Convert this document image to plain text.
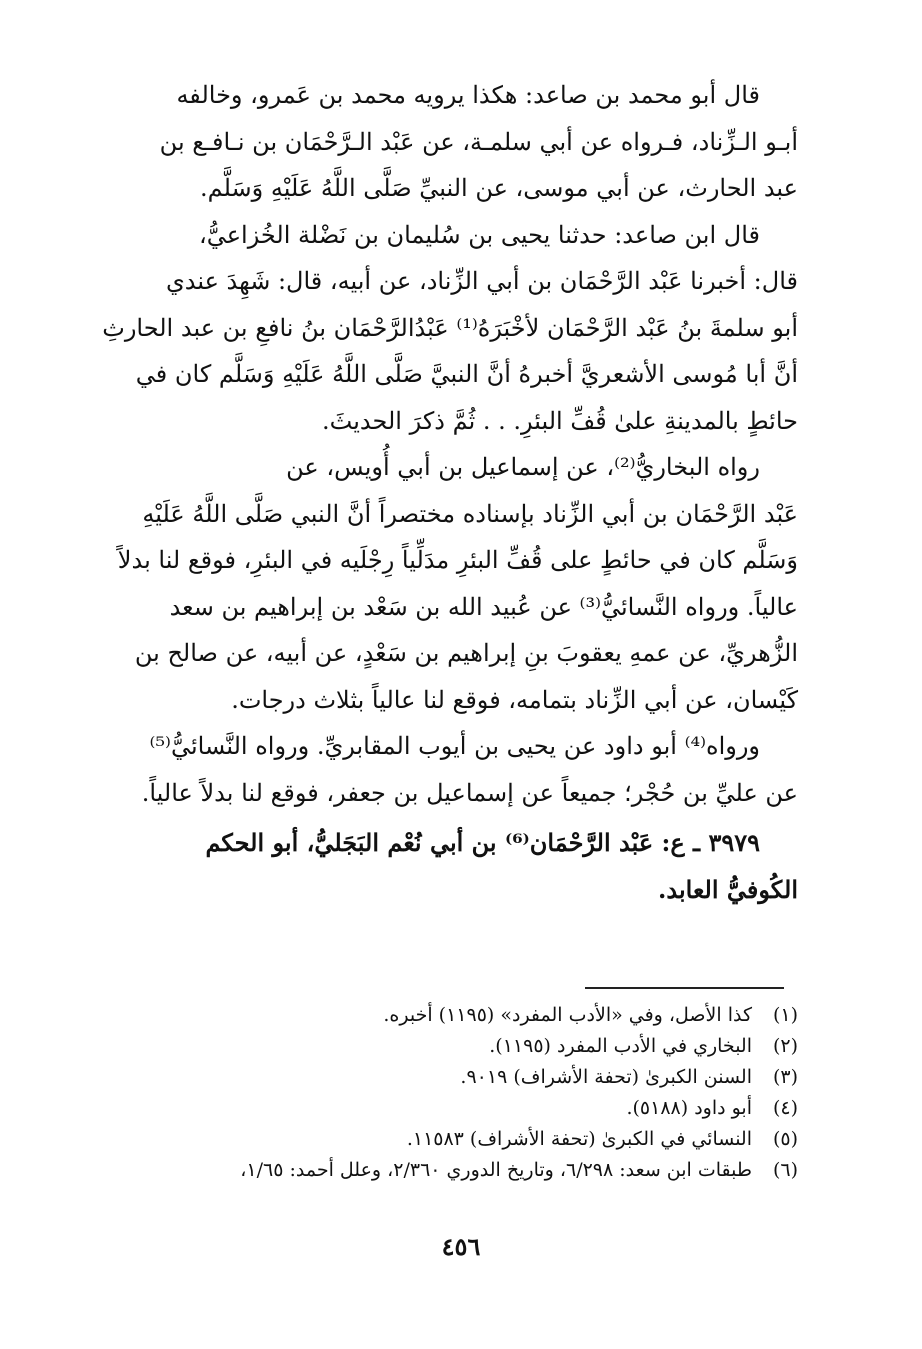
قال أبو محمد بن صاعد: هكذا يرويه محمد بن عَمرو، وخالفه
أبـو الـزِّناد، فـرواه عن أبي سلمـة، عن عَبْد الـرَّحْمَان بن نـافـع بن
عبد الحارث، عن أبي موسى، عن النبيِّ صَلَّى اللَّهُ عَلَيْهِ وَسَلَّم.

قال ابن صاعد: حدثنا يحيى بن سُليمان بن نَضْلة الخُزاعيُّ،
قال: أخبرنا عَبْد الرَّحْمَان بن أبي الزِّناد، عن أبيه، قال: شَهِدَ عندي
أبو سلمةَ بنُ عَبْد الرَّحْمَان لأخْبَرَهُ⁽¹⁾ عَبْدُالرَّحْمَان بنُ نافعِ بن عبد الحارثِ
أنَّ أبا مُوسى الأشعريَّ أخبرهُ أنَّ النبيَّ صَلَّى اللَّهُ عَلَيْهِ وَسَلَّم كان في
حائطٍ بالمدينةِ علىٰ قُفِّ البئرِ. . . ثُمَّ ذكرَ الحديثَ.

رواه البخاريُّ⁽²⁾، عن إسماعيل بن أبي أُويس، عن
عَبْد الرَّحْمَان بن أبي الزِّناد بإسناده مختصراً أنَّ النبي صَلَّى اللَّهُ عَلَيْهِ
وَسَلَّم كان في حائطٍ على قُفِّ البئرِ مدَلِّياً رِجْلَيه في البئرِ، فوقع لنا بدلاً
عالياً. ورواه النَّسائيُّ⁽³⁾ عن عُبيد الله بن سَعْد بن إبراهيم بن سعد
الزُّهريِّ، عن عمهِ يعقوبَ بنِ إبراهيم بن سَعْدٍ، عن أبيه، عن صالح بن
كَيْسان، عن أبي الزِّناد بتمامه، فوقع لنا عالياً بثلاث درجات.

ورواه⁽⁴⁾ أبو داود عن يحيى بن أيوب المقابريِّ. ورواه النَّسائيُّ⁽⁵⁾
عن عليِّ بن حُجْر؛ جميعاً عن إسماعيل بن جعفر، فوقع لنا بدلاً عالياً.

٣٩٧٩ ـ ع: عَبْد الرَّحْمَان⁽⁶⁾ بن أبي نُعْم البَجَليُّ، أبو الحكم
الكُوفيُّ العابد.

(١)كذا الأصل، وفي «الأدب المفرد» (١١٩٥) أخبره.
(٢)البخاري في الأدب المفرد (١١٩٥).
(٣)السنن الكبرىٰ (تحفة الأشراف) ٩٠١٩.
(٤)أبو داود (٥١٨٨).
(٥)النسائي في الكبرىٰ (تحفة الأشراف) ١١٥٨٣.
(٦)طبقات ابن سعد: ٦/٢٩٨، وتاريخ الدوري ٢/٣٦٠، وعلل أحمد: ١/٦٥،
٤٥٦
